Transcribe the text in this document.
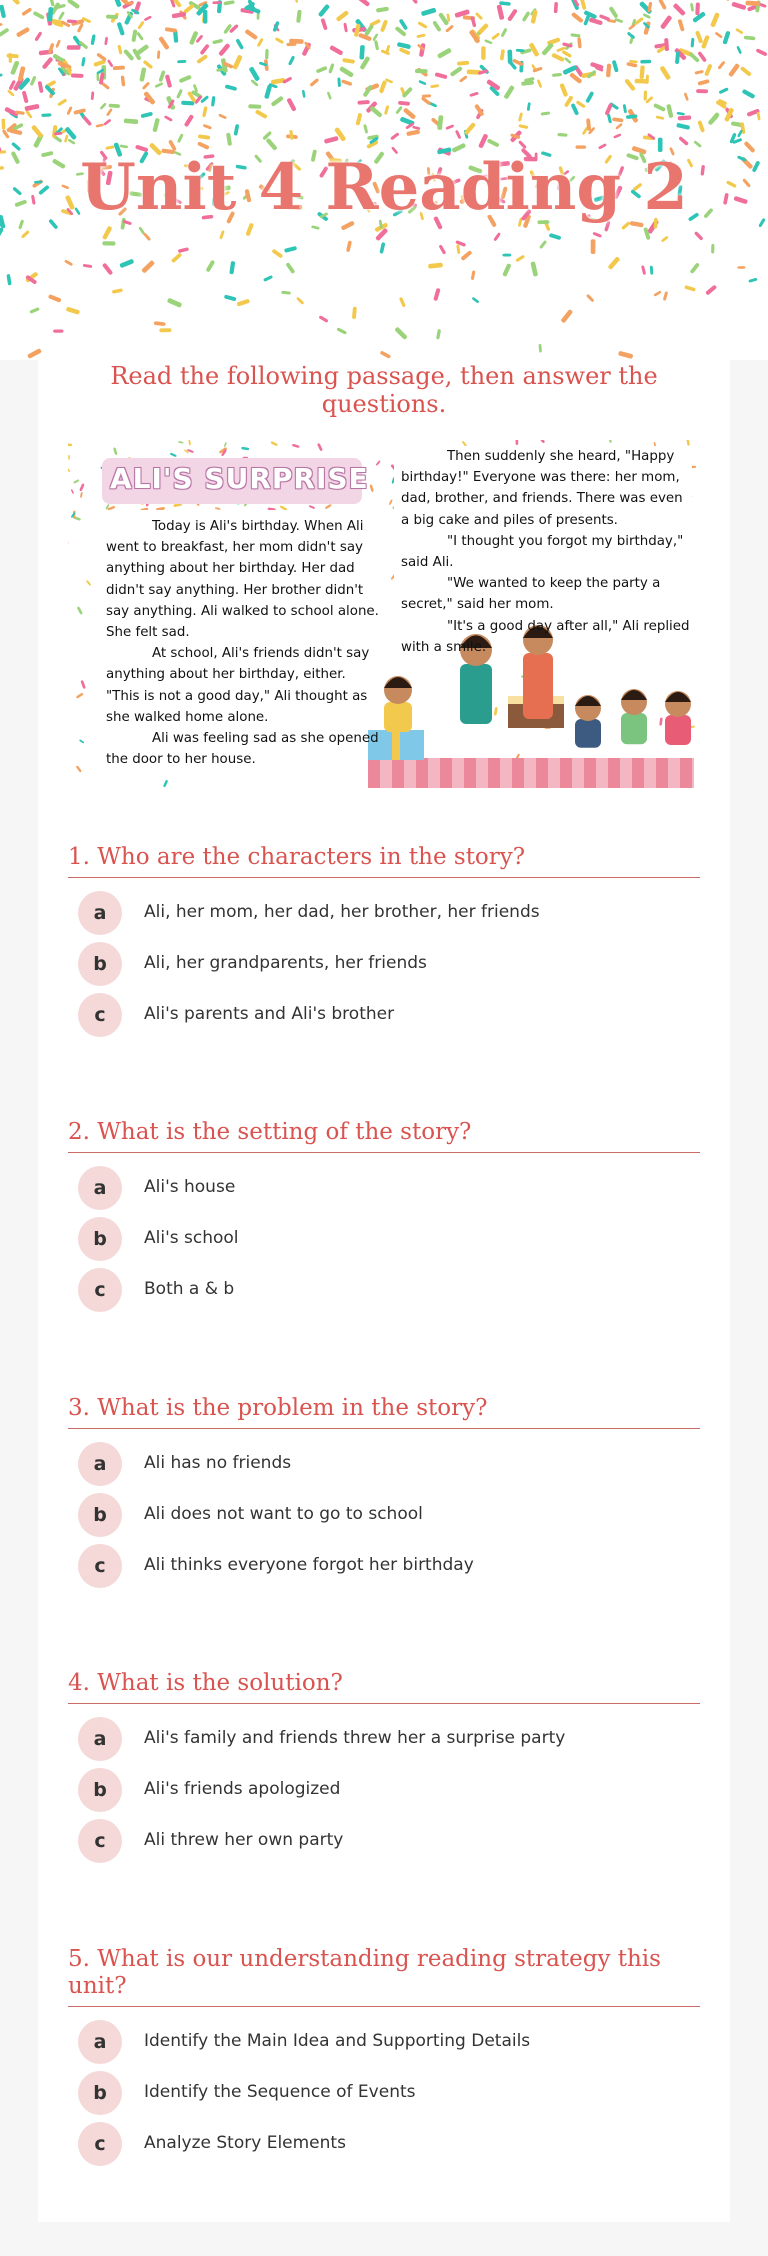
Unit 4 Reading 2
Read the following passage, then answer the questions.
ALI'S SURPRISE

Today is Ali's birthday. When Ali went to breakfast, her mom didn't say anything about her birthday. Her dad didn't say anything. Her brother didn't say anything. Ali walked to school alone. She felt sad.

At school, Ali's friends didn't say anything about her birthday, either. "This is not a good day," Ali thought as she walked home alone.

Ali was feeling sad as she opened the door to her house.

Then suddenly she heard, "Happy birthday!" Everyone was there: her mom, dad, brother, and friends. There was even a big cake and piles of presents.

"I thought you forgot my birthday," said Ali.

"We wanted to keep the party a secret," said her mom.

"It's a good day after all," Ali replied with a smile.

1. Who are the characters in the story?
a	Ali, her mom, her dad, her brother, her friends
b	Ali, her grandparents, her friends
c	Ali's parents and Ali's brother
2. What is the setting of the story?
a	Ali's house
b	Ali's school
c	Both a & b
3. What is the problem in the story?
a	Ali has no friends
b	Ali does not want to go to school
c	Ali thinks everyone forgot her birthday
4. What is the solution?
a	Ali's family and friends threw her a surprise party
b	Ali's friends apologized
c	Ali threw her own party
5. What is our understanding reading strategy this unit?
a	Identify the Main Idea and Supporting Details
b	Identify the Sequence of Events
c	Analyze Story Elements
